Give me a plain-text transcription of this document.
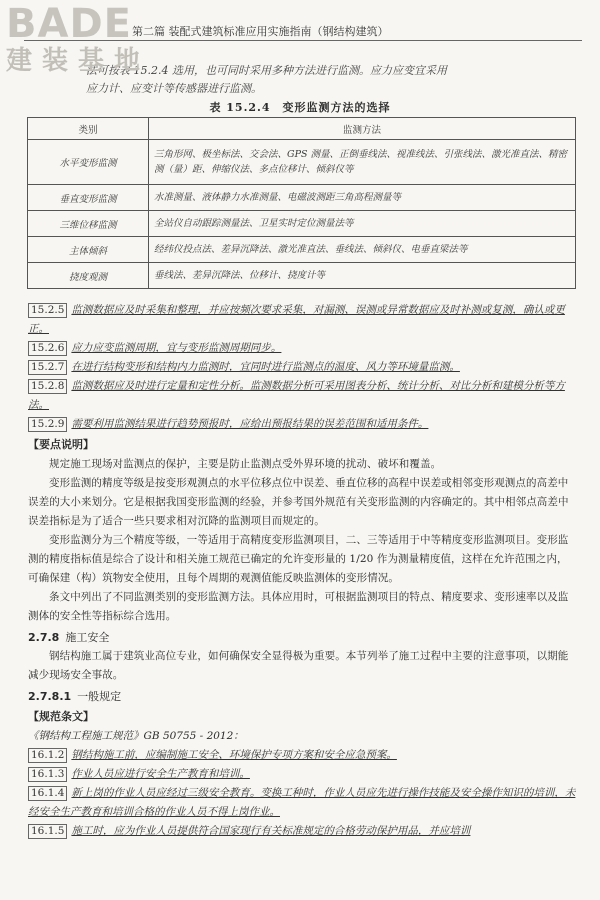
BADE
建装基地
第二篇 装配式建筑标准应用实施指南（钢结构建筑）
法可按表 15.2.4 选用，也可同时采用多种方法进行监测。应力应变宜采用
应力计、应变计等传感器进行监测。
表 15.2.4　变形监测方法的选择
类别	监测方法
水平变形监测	三角形网、极坐标法、交会法、GPS 测量、正倒垂线法、视准线法、引张线法、激光准直法、精密测（量）距、伸缩仪法、多点位移计、倾斜仪等
垂直变形监测	水准测量、液体静力水准测量、电磁波测距三角高程测量等
三维位移监测	全站仪自动跟踪测量法、卫星实时定位测量法等
主体倾斜	经纬仪投点法、差异沉降法、激光准直法、垂线法、倾斜仪、电垂直梁法等
挠度观测	垂线法、差异沉降法、位移计、挠度计等
15.2.5 监测数据应及时采集和整理，并应按频次要求采集，对漏测、误测或异常数据应及时补测或复测，确认或更正。
15.2.6 应力应变监测周期，宜与变形监测周期同步。
15.2.7 在进行结构变形和结构内力监测时，宜同时进行监测点的温度、风力等环境量监测。
15.2.8 监测数据应及时进行定量和定性分析。监测数据分析可采用图表分析、统计分析、对比分析和建模分析等方法。
15.2.9 需要利用监测结果进行趋势预报时，应给出预报结果的误差范围和适用条件。
【要点说明】
规定施工现场对监测点的保护，主要是防止监测点受外界环境的扰动、破坏和覆盖。
变形监测的精度等级是按变形观测点的水平位移点位中误差、垂直位移的高程中误差或相邻变形观测点的高差中误差的大小来划分。它是根据我国变形监测的经验，并参考国外规范有关变形监测的内容确定的。其中相邻点高差中误差指标是为了适合一些只要求相对沉降的监测项目而规定的。
变形监测分为三个精度等级，一等适用于高精度变形监测项目，二、三等适用于中等精度变形监测项目。变形监测的精度指标值是综合了设计和相关施工规范已确定的允许变形量的 1/20 作为测量精度值，这样在允许范围之内，可确保建（构）筑物安全使用，且每个周期的观测值能反映监测体的变形情况。
条文中列出了不同监测类别的变形监测方法。具体应用时，可根据监测项目的特点、精度要求、变形速率以及监测体的安全性等指标综合选用。
2.7.8 施工安全
钢结构施工属于建筑业高位专业，如何确保安全显得极为重要。本节列举了施工过程中主要的注意事项，以期能减少现场安全事故。
2.7.8.1 一般规定
【规范条文】
《钢结构工程施工规范》GB 50755 - 2012：
16.1.2 钢结构施工前，应编制施工安全、环境保护专项方案和安全应急预案。
16.1.3 作业人员应进行安全生产教育和培训。
16.1.4 新上岗的作业人员应经过三级安全教育。变换工种时，作业人员应先进行操作技能及安全操作知识的培训，未经安全生产教育和培训合格的作业人员不得上岗作业。
16.1.5 施工时，应为作业人员提供符合国家现行有关标准规定的合格劳动保护用品，并应培训
